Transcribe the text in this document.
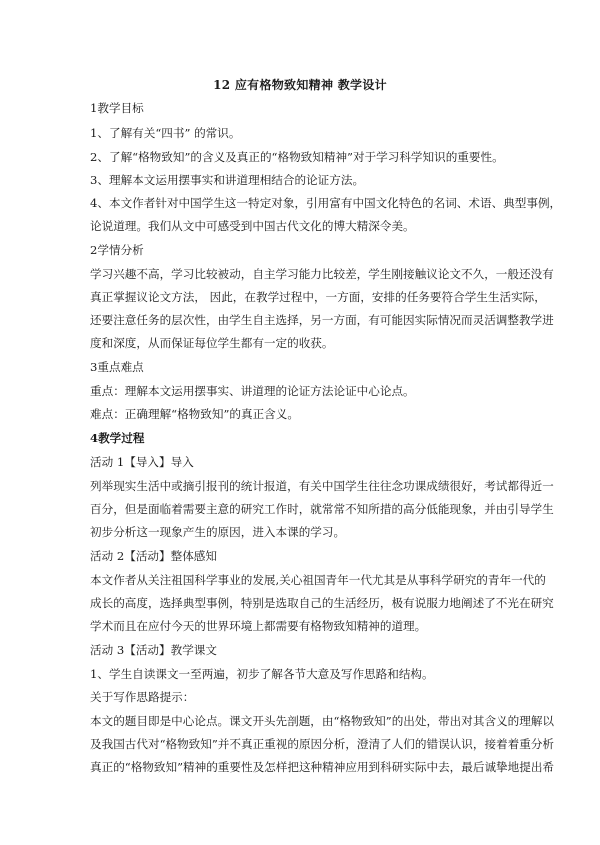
12 应有格物致知精神 教学设计
1教学目标
1、了解有关“四书” 的常识。
2、了解“格物致知”的含义及真正的“格物致知精神”对于学习科学知识的重要性。
3、理解本文运用摆事实和讲道理相结合的论证方法。
4、本文作者针对中国学生这一特定对象，引用富有中国文化特色的名词、术语、典型事例，
论说道理。我们从文中可感受到中国古代文化的博大精深令美。
2学情分析
学习兴趣不高，学习比较被动，自主学习能力比较差，学生刚接触议论文不久，一般还没有
真正掌握议论文方法， 因此，在教学过程中，一方面，安排的任务要符合学生生活实际，
还要注意任务的层次性，由学生自主选择，另一方面，有可能因实际情况而灵活调整教学进
度和深度，从而保证每位学生都有一定的收获。
3重点难点
重点：理解本文运用摆事实、讲道理的论证方法论证中心论点。
难点：正确理解“格物致知”的真正含义。
4教学过程
活动 1【导入】导入
列举现实生活中或摘引报刊的统计报道，有关中国学生往往念功课成绩很好，考试都得近一
百分，但是面临着需要主意的研究工作时，就常常不知所措的高分低能现象，并由引导学生
初步分析这一现象产生的原因，进入本课的学习。
活动 2【活动】整体感知
本文作者从关注祖国科学事业的发展,关心祖国青年一代尤其是从事科学研究的青年一代的
成长的高度，选择典型事例，特别是选取自己的生活经历，极有说服力地阐述了不光在研究
学术而且在应付今天的世界环境上都需要有格物致知精神的道理。
活动 3【活动】教学课文
1、学生自读课文一至两遍，初步了解各节大意及写作思路和结构。
关于写作思路提示：
本文的题目即是中心论点。课文开头先剖题，由“格物致知”的出处，带出对其含义的理解以
及我国古代对“格物致知”并不真正重视的原因分析，澄清了人们的错误认识，接着着重分析
真正的“格物致知”精神的重要性及怎样把这种精神应用到科研实际中去，最后诚挚地提出希
